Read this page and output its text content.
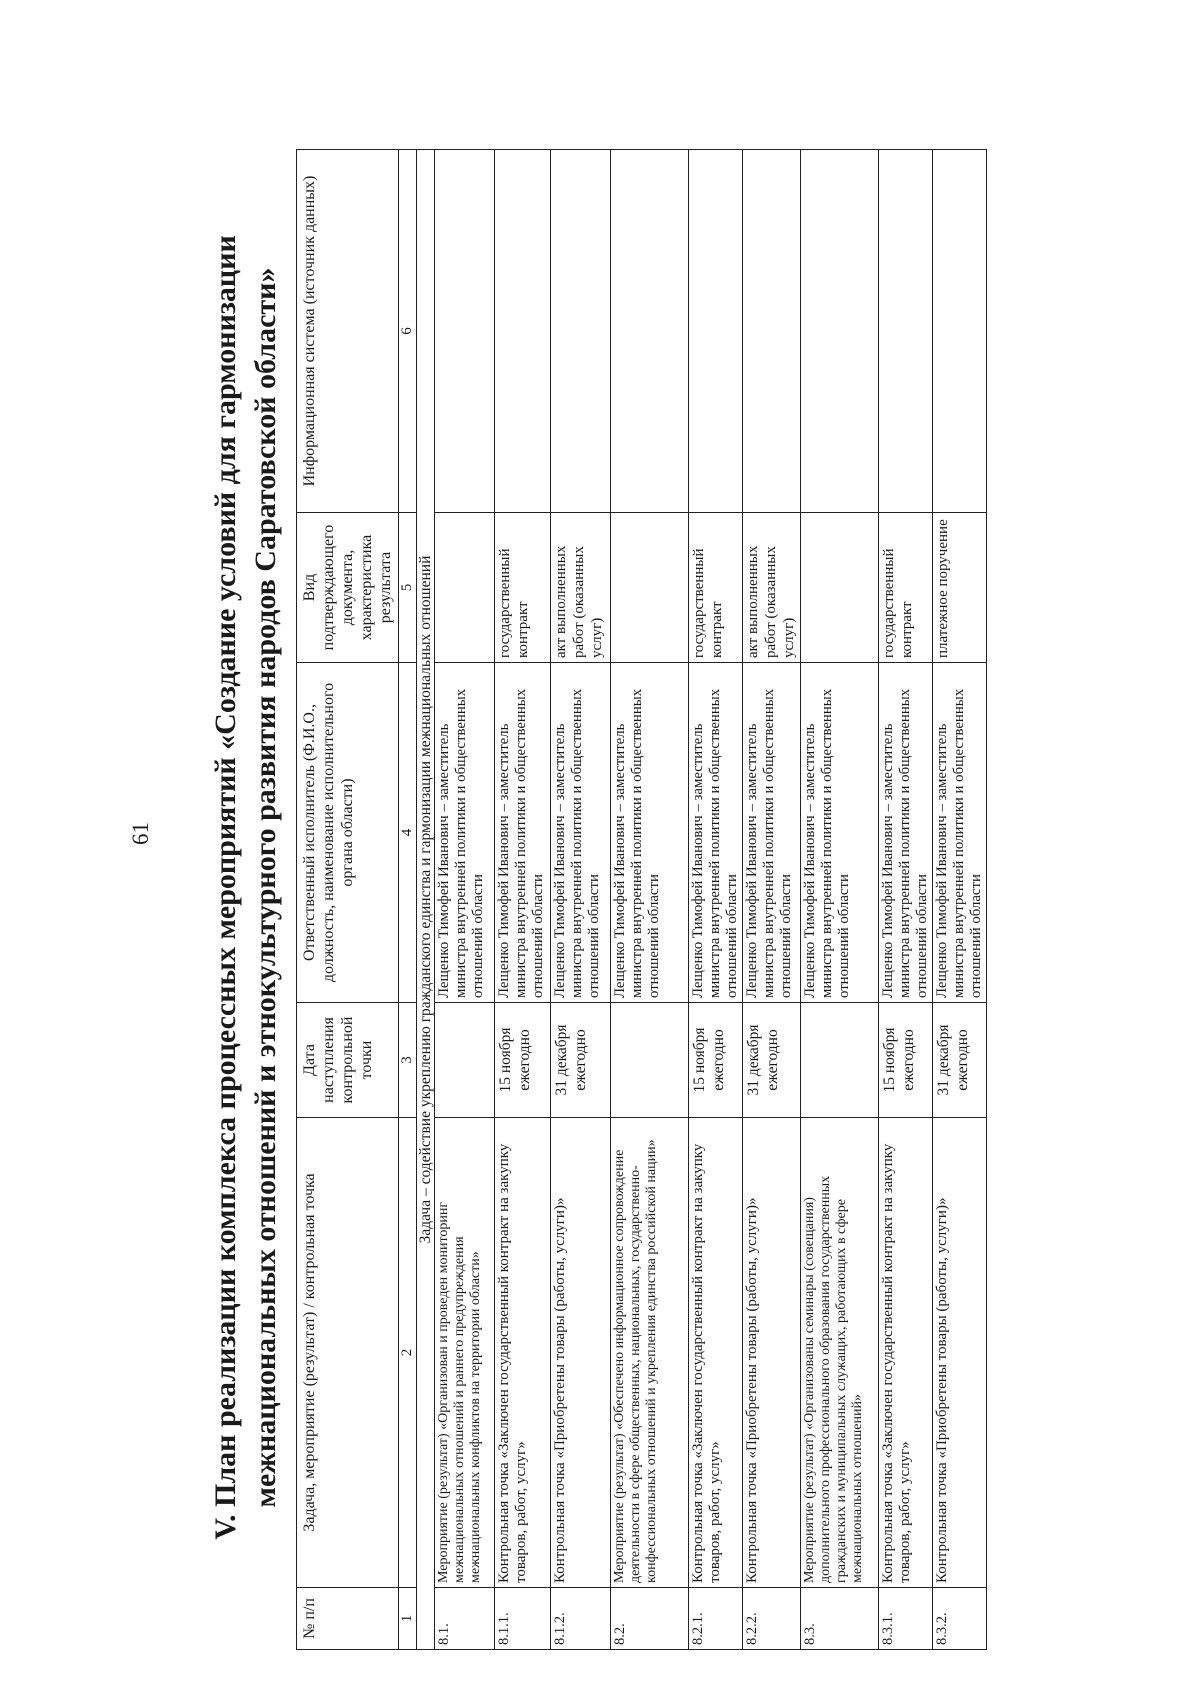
61 V. План реализации комплекса процессных мероприятий «Создание условий для гармонизации межнациональных отношений и этнокультурного развития народов Саратовской области»
№ п/п	Задача, мероприятие (результат) / контрольная точка	Дата наступления контрольной точки	Ответственный исполнитель (Ф.И.О., должность, наименование исполнительного органа области)	Вид подтверждающего документа, характеристика результата	Информационная система (источник данных)
1	2	3	4	5	6
Задача – содействие укреплению гражданского единства и гармонизации межнациональных отношений					
8.1.	Мероприятие (результат) «Организован и проведен мониторинг межнациональных отношений и раннего предупреждения межнациональных конфликтов на территории области»		Лещенко Тимофей Иванович – заместитель министра внутренней политики и общественных отношений области		
8.1.1.	Контрольная точка «Заключен государственный контракт на закупку товаров, работ, услуг»	15 ноября ежегодно	Лещенко Тимофей Иванович – заместитель министра внутренней политики и общественных отношений области	государственный контракт	
8.1.2.	Контрольная точка «Приобретены товары (работы, услуги)»	31 декабря ежегодно	Лещенко Тимофей Иванович – заместитель министра внутренней политики и общественных отношений области	акт выполненных работ (оказанных услуг)	
8.2.	Мероприятие (результат) «Обеспечено информационное сопровождение деятельности в сфере общественных, национальных, государственно-конфессиональных отношений и укрепления единства российской нации»		Лещенко Тимофей Иванович – заместитель министра внутренней политики и общественных отношений области		
8.2.1.	Контрольная точка «Заключен государственный контракт на закупку товаров, работ, услуг»	15 ноября ежегодно	Лещенко Тимофей Иванович – заместитель министра внутренней политики и общественных отношений области	государственный контракт	
8.2.2.	Контрольная точка «Приобретены товары (работы, услуги)»	31 декабря ежегодно	Лещенко Тимофей Иванович – заместитель министра внутренней политики и общественных отношений области	акт выполненных работ (оказанных услуг)	
8.3.	Мероприятие (результат) «Организованы семинары (совещания) дополнительного профессионального образования государственных гражданских и муниципальных служащих, работающих в сфере межнациональных отношений»		Лещенко Тимофей Иванович – заместитель министра внутренней политики и общественных отношений области		
8.3.1.	Контрольная точка «Заключен государственный контракт на закупку товаров, работ, услуг»	15 ноября ежегодно	Лещенко Тимофей Иванович – заместитель министра внутренней политики и общественных отношений области	государственный контракт	
8.3.2.	Контрольная точка «Приобретены товары (работы, услуги)»	31 декабря ежегодно	Лещенко Тимофей Иванович – заместитель министра внутренней политики и общественных отношений области	платежное поручение	
